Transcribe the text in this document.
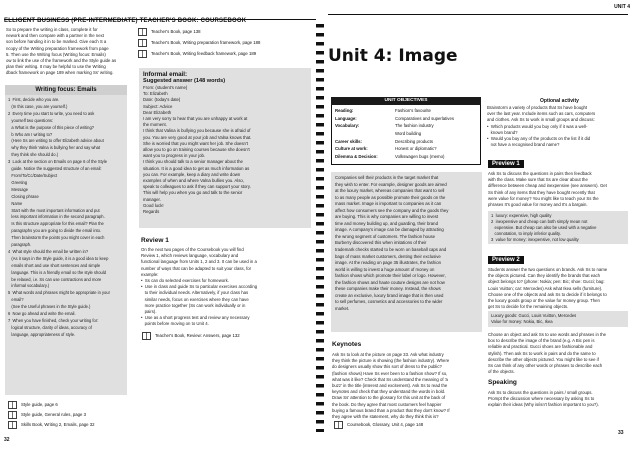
ELLIGENT BUSINESS (PRE-INTERMEDIATE) TEACHER'S BOOK: COURSEBOOK
So to prepare the writing in class, complete it for
nework and then compare with a partner in the next
son before handing it in to be marked. Give each S a
ncopy of the Writing preparation framework from page
5. Then use the Writing focus (Writing focus: Emails)
ow to link the use of the framework and the Style guide as
plan their writing. It may be helpful to use the Writing
dback framework on page 189 when marking Ss' writing.
Writing focus: Emails
1  First, decide who you are.
(In this case, you are yourself.)
2  Every time you start to write, you need to ask
yourself two questions:
a What is the purpose of this piece of writing?
b Who am I writing to?
(Here Ss are writing to offer Elizabeth advice about
why they think Valna is bullying her and say what
they think she should do.)
3  Look at the section on Emails on page 6 of the Style
guide. Notice the suggested structure of an email:
From/To/Cc/Date/Subject
Greeting
Message
Closing phrase
Name
Start with the most important information and put
less important information in the second paragraph.
Is this structure appropriate for this email? Plan the
paragraphs you are going to divide the email into.
Then brainstorm the points you might cover in each
paragraph.
4  What style should the email be written in?
(As it says in the Style guide, it is a good idea to keep
emails short and use short sentences and simple
language. This is a friendly email so the style should
be relaxed, i.e. Ss can use contractions and more
informal vocabulary.)
5  What words and phrases might be appropriate in your
email?
(See the Useful phrases in the Style guide.)
6  Now go ahead and write the email.
7  When you have finished, check your writing for:
logical structure, clarity of ideas, accuracy of
language, appropriateness of style.
Style guide, page 6
Style guide, General rules, page 3
Skills Book, Writing 2, Emails, page 32
32
Teacher's Book, page 138
Teacher's Book, Writing preparation framework, page 188
Teacher's Book, Writing feedback framework, page 189
Informal email:
Suggested answer (148 words)
From: (student's name)
To: Elizabeth
Date: (today's date)
Subject: Advice
Dear Elizabeth
I am very sorry to hear that you are unhappy at work at
the moment.
I think that Valina is bullying you because she is afraid of
you. You are very good at your job and Valna knows that.
She is worried that you might want her job. She doesn't
allow you to go on training courses because she doesn't
want you to progress in your job.
I think you should talk to a senior manager about the
situation. It is a good idea to get as much information as
you can. For example, keep a diary and write down
examples of when and where Valna bullies you. Also,
speak to colleagues to ask if they can support your story.
This will help you when you go and talk to the senior
manager.
Good luck!
Regards
Review 1
On the next two pages of the Coursebook you will find
Review 1, which reviews language, vocabulary and
functional language from Units 1, 2 and 3. It can be used in a
number of ways that can be adapted to suit your class, for
example:
•  Ss can do selected exercises for homework.
•  Use in class and guide Ss to particular exercises according
to their individual needs. Alternatively, if your class has
similar needs, focus on exercises where they can have
more practice together (Ss can work individually or in
pairs).
•  Use as a short progress test and review any necessary
points before moving on to Unit 4.
Teacher's Book, Review: Answers, page 132
UNIT 4
Unit 4: Image
UNIT OBJECTIVES
Reading:	Fashion's favourite
Language:	Comparatives and superlatives
Vocabulary:	The fashion industry
Word building
Career skills:	Describing products
Culture at work:	Honest or diplomatic?
Dilemma & Decision:	Volkswagen bugs (memo)
Optional activity
Brainstorm a variety of products that Ss have bought
over the last year. Include items such as cars, computers
and clothes. Ask Ss to work in small groups and discuss:
•  Which products would you buy only if it was a well-
known brand?
•  Would you buy any of the products on the list if it did
not have a recognised brand name?
Companies sell their products in the target market that
they wish to enter. For example, designer goods are aimed
at the luxury market, whereas companies that want to sell
to as many people as possible promote their goods on the
mass market. Image is important to companies as it can
affect how consumers see the company and the goods they
are buying. This is why companies are willing to invest
time and money building up, and guarding, their brand
image. A company's image can be damaged by attracting
the wrong segment of customers. The fashion house
Burberry discovered this when imitations of their
trademark checks started to be worn on baseball caps and
bags of mass market customers, denting their exclusive
image. At the reading on page 35 illustrates, the fashion
world is willing to invest a huge amount of money on
fashion shows which promote their label or logo. However,
the fashion shows and haute couture designs are not how
these companies make their money. Instead, the shows
create an exclusive, luxury brand image that is then used
to sell perfumes, cosmetics and accessories to the wider
market.
Keynotes
Ask Ss to look at the picture on page 33. Ask what industry
they think the picture is showing (the fashion industry). Where
do designers usually show this sort of dress to the public?
(fashion shows) Have Ss ever been to a fashion show? If so,
what was it like? Check that Ss understand the meaning of 'a
buzz' in the title (interest and excitement). Ask Ss to read the
keynotes and check that they understand the words in bold.
Draw Ss' attention to the glossary for this unit at the back of
the book. Do they agree that most customers feel happier
buying a famous brand than a product that they don't know? If
they agree with the statement, why do they think this is?
Coursebook, Glossary, Unit 4, page 148
Preview 1
Ask Ss to discuss the questions in pairs then feedback
with the class. Make sure that Ss are clear about the
difference between cheap and inexpensive (see answers). Get
Ss think of any items that they have bought recently that
were value for money? You might like to teach your Ss the
phrases It's good value for money and It's a bargain.
1  luxury: expensive, high quality
2  inexpensive and cheap can both simply mean not
expensive. But cheap can also be used with a negative
connotation, to imply inferior quality.
3  value for money: inexpensive, not low quality
Preview 2
Students answer the two questions on brands. Ask Ss to name
the objects pictured. Can they identify the brands that each
object belongs to? (phone: Nokia; pen: Bic; shoe: Gucci; bag:
Louis Vuitton; car: Mercedes) Ask what Ikea sells (furniture).
Choose one of the objects and ask Ss to decide if it belongs to
the luxury goods group or the value for money group. Then
get Ss to decide for the remaining objects.
Luxury goods: Gucci, Louis Vuitton, Mercedes
Value for money: Nokia, Bic, Ikea
Choose an object and ask Ss to use words and phrases in the
box to describe the image of the brand (e.g. A Bic pen is
reliable and practical. Gucci shoes are fashionable and
stylish). Then ask Ss to work in pairs and do the same to
describe the other objects pictured. You might like to see if
Ss can think of any other words or phrases to describe each
of the objects.
Speaking
Ask Ss to discuss the questions in pairs / small groups.
Prompt the discussion where necessary by asking Ss to
explain their ideas (Why is/isn't fashion important to you?).
33
